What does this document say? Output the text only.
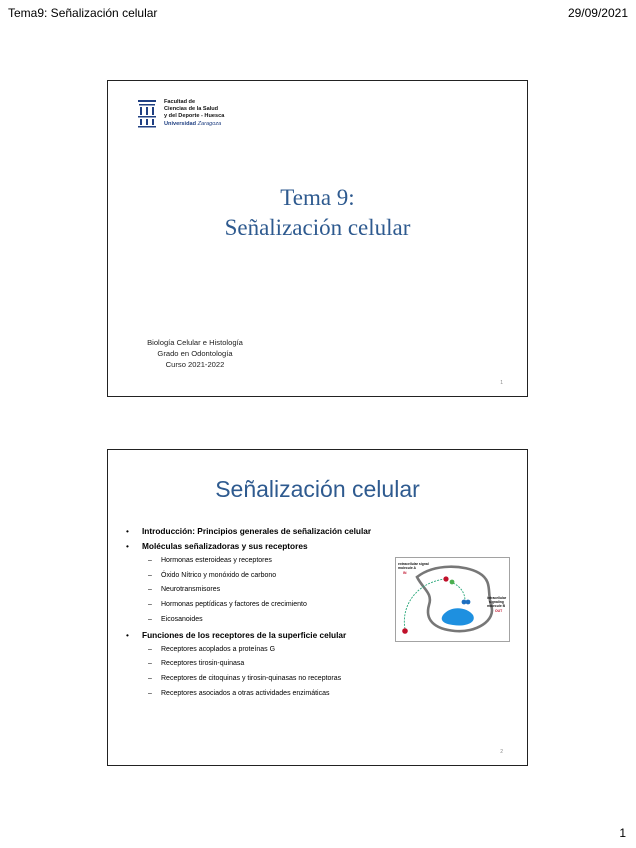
Tema9: Señalización celular	29/09/2021
Facultad de
Ciencias de la Salud
y del Deporte - Huesca
Universidad Zaragoza
Tema 9:
Señalización celular
Biología Celular e Histología
Grado en Odontología
Curso 2021-2022
1
Señalización celular
• Introducción: Principios generales de señalización celular
• Moléculas señalizadoras y sus receptores
– Hormonas esteroideas y receptores
– Óxido Nítrico y monóxido de carbono
– Neurotransmisores
– Hormonas peptídicas y factores de crecimiento
– Eicosanoides
• Funciones de los receptores de la superficie celular
– Receptores acoplados a proteínas G
– Receptores tirosin-quinasa
– Receptores de citoquinas y tirosin-quinasas no receptoras
– Receptores asociados a otras actividades enzimáticas
extracellular signal
molecule A
IN
intracellular
signaling
molecule B
OUT
2
1
